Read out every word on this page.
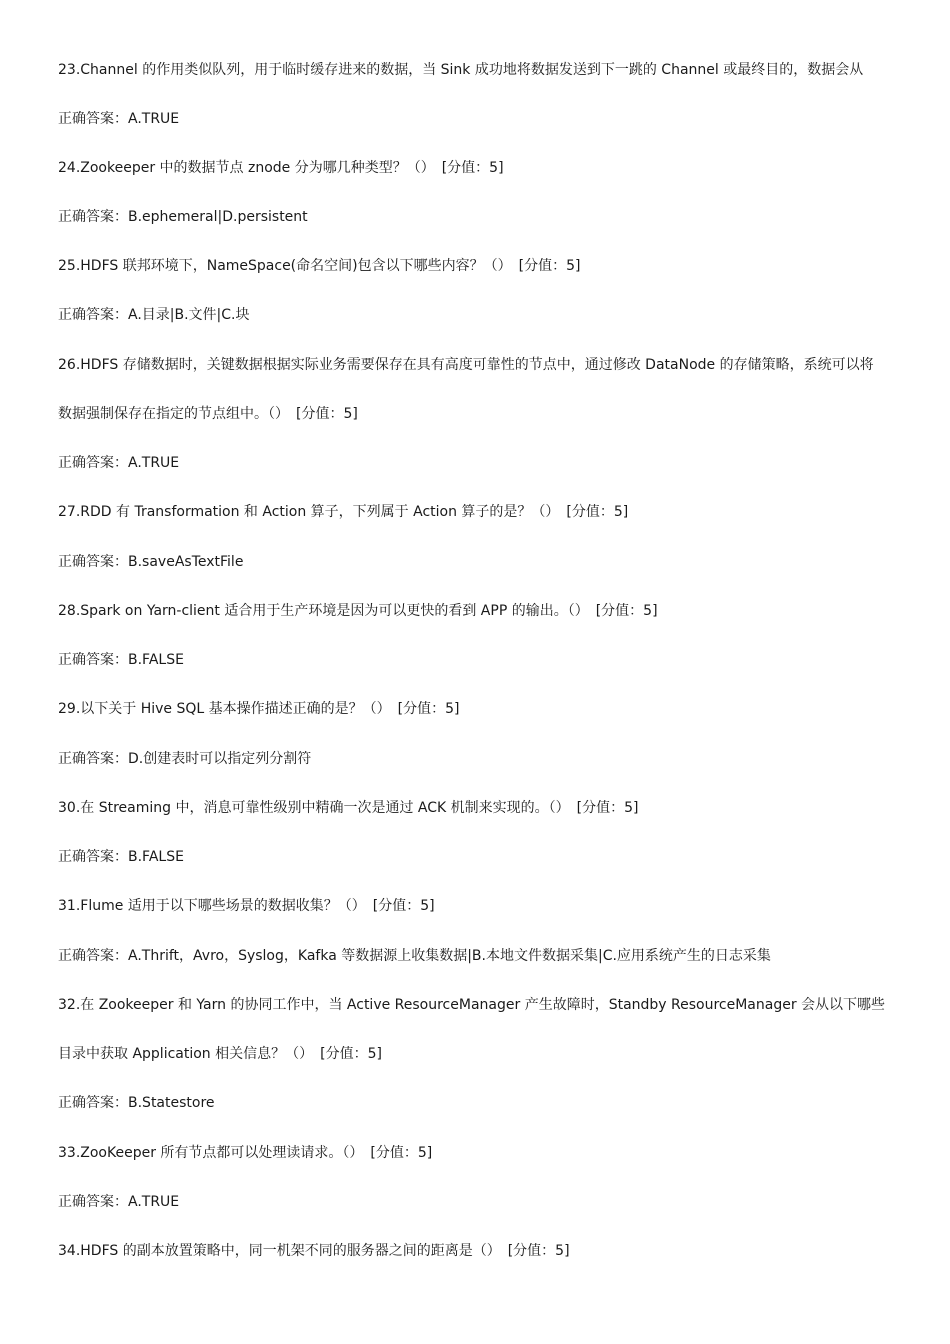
23.Channel 的作用类似队列，用于临时缓存进来的数据，当 Sink 成功地将数据发送到下一跳的 Channel 或最终目的，数据会从
正确答案：A.TRUE
24.Zookeeper 中的数据节点 znode 分为哪几种类型？（）　[分值：5]
正确答案：B.ephemeral|D.persistent
25.HDFS 联邦环境下，NameSpace(命名空间)包含以下哪些内容？（）　[分值：5]
正确答案：A.目录|B.文件|C.块
26.HDFS 存储数据时，关键数据根据实际业务需要保存在具有高度可靠性的节点中，通过修改 DataNode 的存储策略，系统可以将
数据强制保存在指定的节点组中。（）　[分值：5]
正确答案：A.TRUE
27.RDD 有 Transformation 和 Action 算子，下列属于 Action 算子的是？（）　[分值：5]
正确答案：B.saveAsTextFile
28.Spark on Yarn-client 适合用于生产环境是因为可以更快的看到 APP 的输出。（）　[分值：5]
正确答案：B.FALSE
29.以下关于 Hive SQL 基本操作描述正确的是？（）　[分值：5]
正确答案：D.创建表时可以指定列分割符
30.在 Streaming 中，消息可靠性级别中精确一次是通过 ACK 机制来实现的。（）　[分值：5]
正确答案：B.FALSE
31.Flume 适用于以下哪些场景的数据收集？（）　[分值：5]
正确答案：A.Thrift，Avro，Syslog，Kafka 等数据源上收集数据|B.本地文件数据采集|C.应用系统产生的日志采集
32.在 Zookeeper 和 Yarn 的协同工作中，当 Active ResourceManager 产生故障时，Standby ResourceManager 会从以下哪些
目录中获取 Application 相关信息？（）　[分值：5]
正确答案：B.Statestore
33.ZooKeeper 所有节点都可以处理读请求。（）　[分值：5]
正确答案：A.TRUE
34.HDFS 的副本放置策略中，同一机架不同的服务器之间的距离是（）　[分值：5]
